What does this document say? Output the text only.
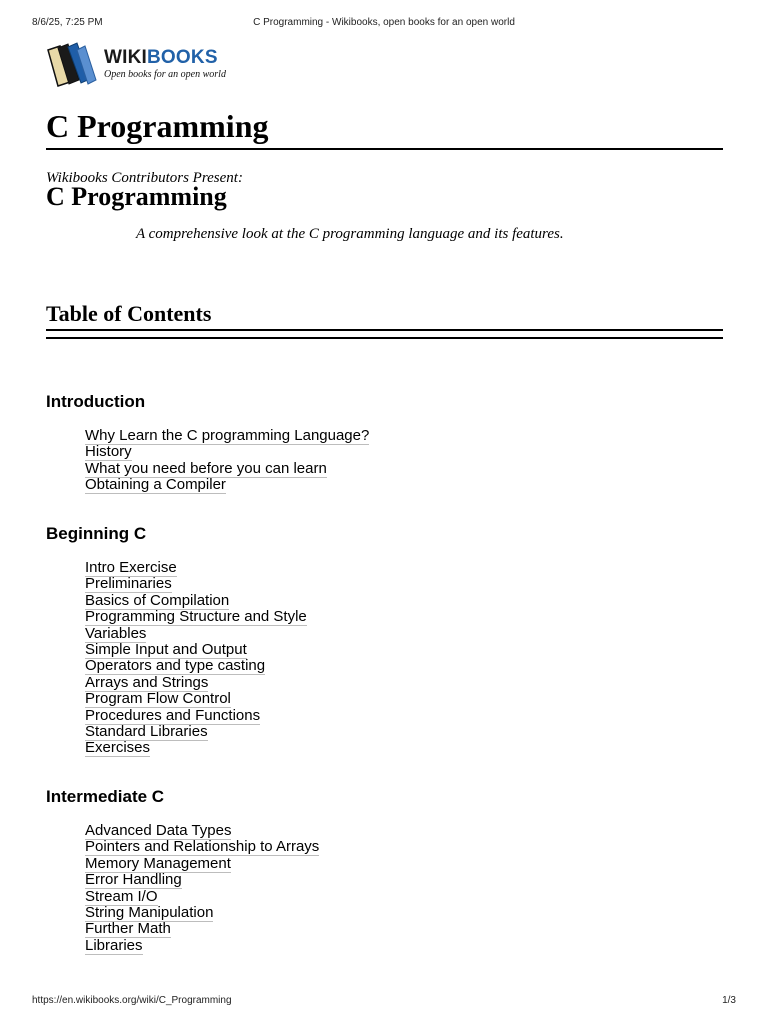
8/6/25, 7:25 PM	C Programming - Wikibooks, open books for an open world
WIKIBOOKS
Open books for an open world
C Programming
Wikibooks Contributors Present:
C Programming
A comprehensive look at the C programming language and its features.
Table of Contents
Introduction
Why Learn the C programming Language?
History
What you need before you can learn
Obtaining a Compiler
Beginning C
Intro Exercise
Preliminaries
Basics of Compilation
Programming Structure and Style
Variables
Simple Input and Output
Operators and type casting
Arrays and Strings
Program Flow Control
Procedures and Functions
Standard Libraries
Exercises
Intermediate C
Advanced Data Types
Pointers and Relationship to Arrays
Memory Management
Error Handling
Stream I/O
String Manipulation
Further Math
Libraries
https://en.wikibooks.org/wiki/C_Programming	1/3
